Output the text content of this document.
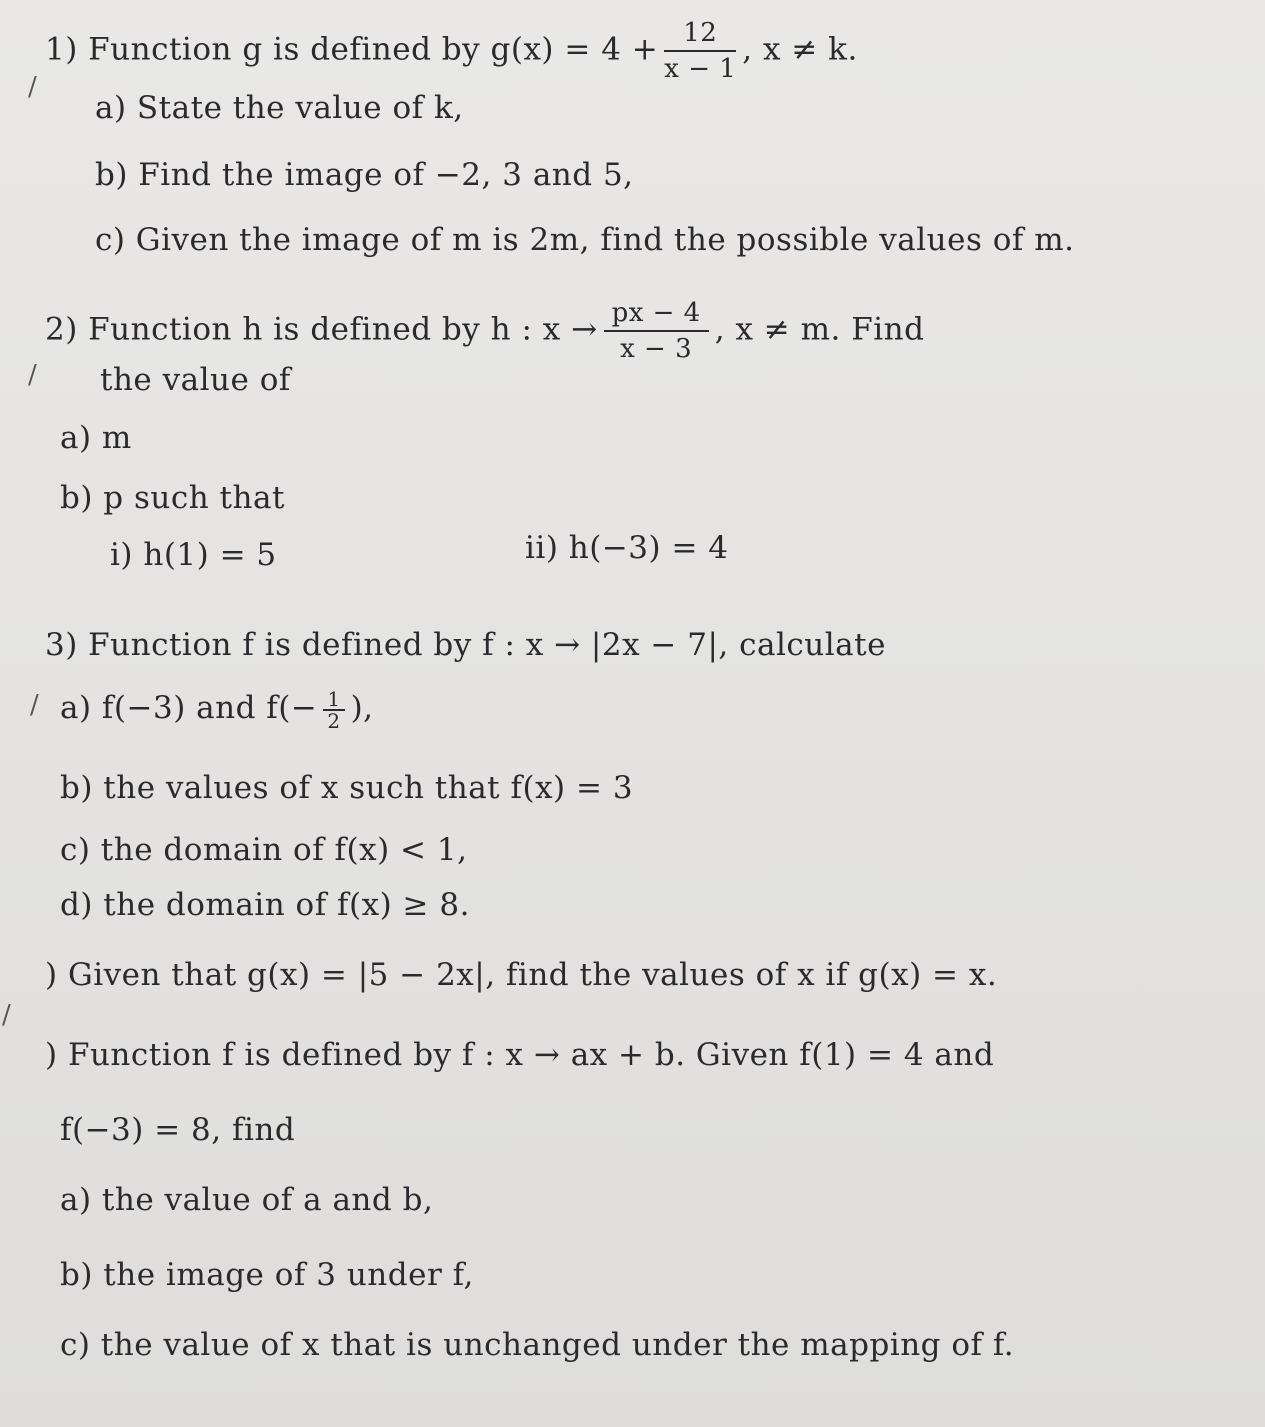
/
/
/
/
1) Function g is defined by $g(x) = 4 + \frac{12}{x - 1}$ , x ≠ k.
a) State the value of k,
b) Find the image of −2, 3 and 5,
c) Given the image of m is 2m, find the possible values of m.
2) Function h is defined by h : $x \to \frac{px - 4}{x - 3}$ , x ≠ m. Find
the value of
a) m
b) p such that
i) h(1) = 5	ii) h(−3) = 4
3) Function f is defined by f : x → |2x − 7|, calculate
a) f(−3) and $f(- \frac{1}{2}$ ),
b) the values of x such that f(x) = 3
c) the domain of f(x) < 1,
d) the domain of f(x) ≥ 8.
) Given that g(x) = |5 − 2x|, find the values of x if g(x) = x.
) Function f is defined by f : x → ax + b. Given f(1) = 4 and
f(−3) = 8, find
a) the value of a and b,
b) the image of 3 under f,
c) the value of x that is unchanged under the mapping of f.
